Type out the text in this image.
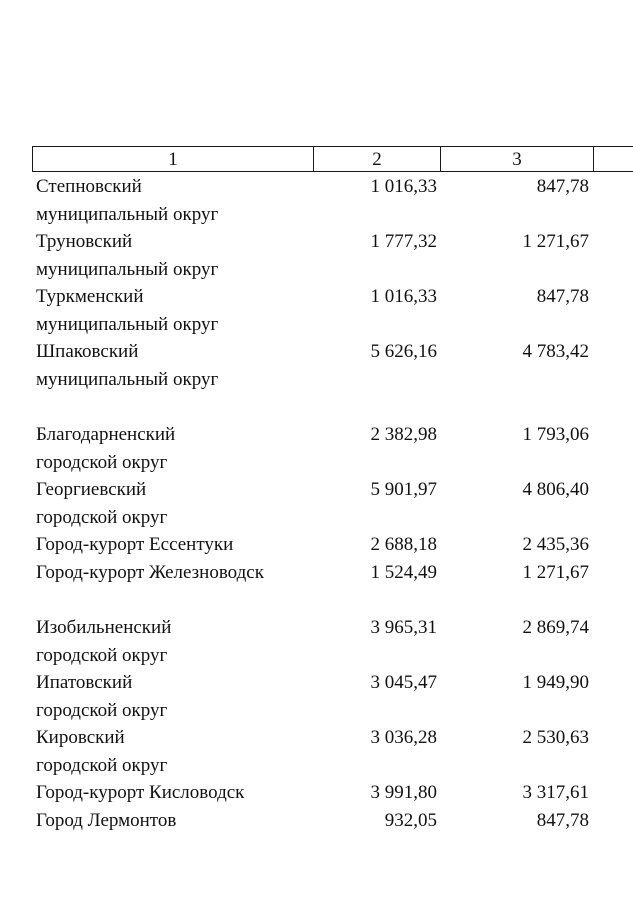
1	2	3
Степновский
муниципальный округ
1 016,33	847,78
Труновский
муниципальный округ
1 777,32	1 271,67
Туркменский
муниципальный округ
1 016,33	847,78
Шпаковский
муниципальный округ
5 626,16	4 783,42
Благодарненский
городской округ
2 382,98	1 793,06
Георгиевский
городской округ
5 901,97	4 806,40
Город-курорт Ессентуки	2 688,18	2 435,36
Город-курорт Железноводск	1 524,49	1 271,67
Изобильненский
городской округ
3 965,31	2 869,74
Ипатовский
городской округ
3 045,47	1 949,90
Кировский
городской округ
3 036,28	2 530,63
Город-курорт Кисловодск	3 991,80	3 317,61
Город Лермонтов	932,05	847,78
